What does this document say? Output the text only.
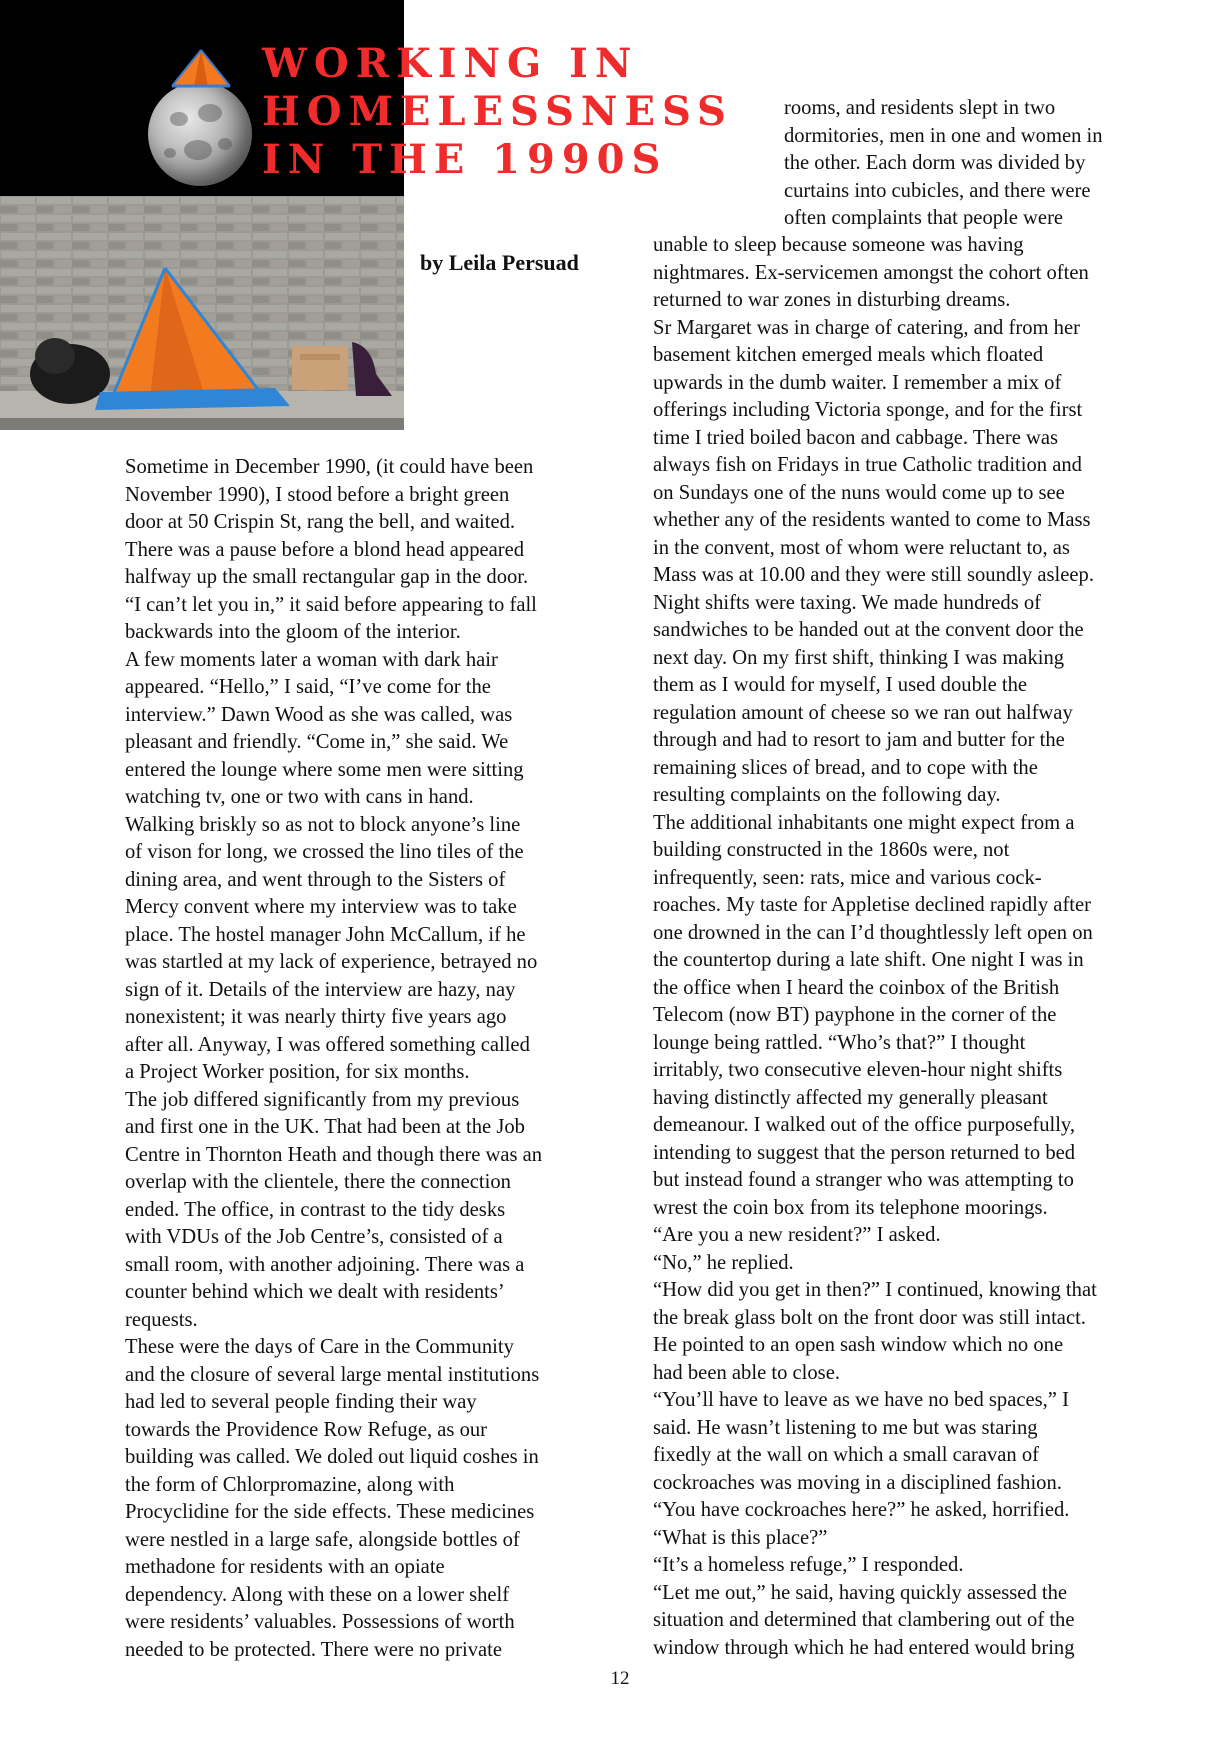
WORKING IN
HOMELESSNESS
IN THE 1990S

by Leila Persuad

rooms, and residents slept in two

dormitories, men in one and women in

the other. Each dorm was divided by

curtains into cubicles, and there were

often complaints that people were

unable to sleep because someone was having

nightmares. Ex-servicemen amongst the cohort often

returned to war zones in disturbing dreams.

Sr Margaret was in charge of catering, and from her

basement kitchen emerged meals which floated

upwards in the dumb waiter. I remember a mix of

offerings including Victoria sponge, and for the first

time I tried boiled bacon and cabbage. There was

always fish on Fridays in true Catholic tradition and

on Sundays one of the nuns would come up to see

whether any of the residents wanted to come to Mass

in the convent, most of whom were reluctant to, as

Mass was at 10.00 and they were still soundly asleep.

Night shifts were taxing. We made hundreds of

sandwiches to be handed out at the convent door the

next day. On my first shift, thinking I was making

them as I would for myself, I used double the

regulation amount of cheese so we ran out halfway

through and had to resort to jam and butter for the

remaining slices of bread, and to cope with the

resulting complaints on the following day.

The additional inhabitants one might expect from a

building constructed in the 1860s were, not

infrequently, seen: rats, mice and various cock-

roaches. My taste for Appletise declined rapidly after

one drowned in the can I’d thoughtlessly left open on

the countertop during a late shift. One night I was in

the office when I heard the coinbox of the British

Telecom (now BT) payphone in the corner of the

lounge being rattled. “Who’s that?” I thought

irritably, two consecutive eleven-hour night shifts

having distinctly affected my generally pleasant

demeanour. I walked out of the office purposefully,

intending to suggest that the person returned to bed

but instead found a stranger who was attempting to

wrest the coin box from its telephone moorings.

“Are you a new resident?” I asked.

“No,” he replied.

“How did you get in then?” I continued, knowing that

the break glass bolt on the front door was still intact.

He pointed to an open sash window which no one

had been able to close.

“You’ll have to leave as we have no bed spaces,” I

said. He wasn’t listening to me but was staring

fixedly at the wall on which a small caravan of

cockroaches was moving in a disciplined fashion.

“You have cockroaches here?” he asked, horrified.

“What is this place?”

“It’s a homeless refuge,” I responded.

“Let me out,” he said, having quickly assessed the

situation and determined that clambering out of the

window through which he had entered would bring

Sometime in December 1990, (it could have been

November 1990), I stood before a bright green

door at 50 Crispin St, rang the bell, and waited.

There was a pause before a blond head appeared

halfway up the small rectangular gap in the door.

“I can’t let you in,” it said before appearing to fall

backwards into the gloom of the interior.

A few moments later a woman with dark hair

appeared. “Hello,” I said, “I’ve come for the

interview.” Dawn Wood as she was called, was

pleasant and friendly. “Come in,” she said. We

entered the lounge where some men were sitting

watching tv, one or two with cans in hand.

Walking briskly so as not to block anyone’s line

of vison for long, we crossed the lino tiles of the

dining area, and went through to the Sisters of

Mercy convent where my interview was to take

place. The hostel manager John McCallum, if he

was startled at my lack of experience, betrayed no

sign of it. Details of the interview are hazy, nay

nonexistent; it was nearly thirty five years ago

after all. Anyway, I was offered something called

a Project Worker position, for six months.

The job differed significantly from my previous

and first one in the UK. That had been at the Job

Centre in Thornton Heath and though there was an

overlap with the clientele, there the connection

ended. The office, in contrast to the tidy desks

with VDUs of the Job Centre’s, consisted of a

small room, with another adjoining. There was a

counter behind which we dealt with residents’

requests.

These were the days of Care in the Community

and the closure of several large mental institutions

had led to several people finding their way

towards the Providence Row Refuge, as our

building was called. We doled out liquid coshes in

the form of Chlorpromazine, along with

Procyclidine for the side effects. These medicines

were nestled in a large safe, alongside bottles of

methadone for residents with an opiate

dependency. Along with these on a lower shelf

were residents’ valuables. Possessions of worth

needed to be protected. There were no private

12
